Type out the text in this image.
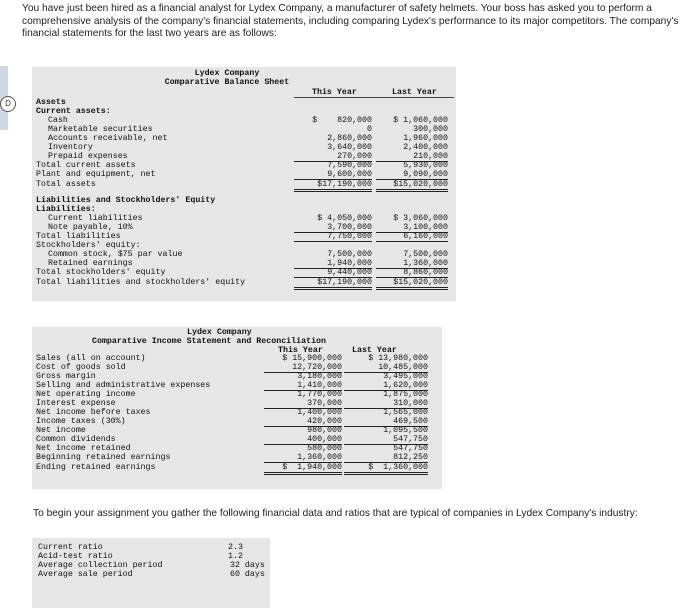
You have just been hired as a financial analyst for Lydex Company, a manufacturer of safety helmets. Your boss has asked you to perform a comprehensive analysis of the company's financial statements, including comparing Lydex's performance to its major competitors. The company's financial statements for the last two years are as follows:
D
Lydex Company
Comparative Balance Sheet
This Year	Last Year
Assets
Current assets:
Cash	$    820,000	$ 1,060,000
Marketable securities	0	300,000
Accounts receivable, net	2,860,000	1,960,000
Inventory	3,640,000	2,400,000
Prepaid expenses	270,000	210,000
Total current assets	7,590,000	5,930,000
Plant and equipment, net	9,600,000	9,090,000
Total assets	$17,190,000	$15,020,000
Liabilities and Stockholders' Equity
Liabilities:
Current liabilities	$ 4,050,000	$ 3,060,000
Note payable, 10%	3,700,000	3,100,000
Total liabilities	7,750,000	6,160,000
Stockholders' equity:
Common stock, $75 par value	7,500,000	7,500,000
Retained earnings	1,940,000	1,360,000
Total stockholders' equity	9,440,000	8,860,000
Total liabilities and stockholders' equity	$17,190,000	$15,020,000
Lydex Company
Comparative Income Statement and Reconciliation
This Year	Last Year
Sales (all on account)	$ 15,900,000	$ 13,980,000
Cost of goods sold	12,720,000	10,485,000
Gross margin	3,180,000	3,495,000
Selling and administrative expenses	1,410,000	1,620,000
Net operating income	1,770,000	1,875,000
Interest expense	370,000	310,000
Net income before taxes	1,400,000	1,565,000
Income taxes (30%)	420,000	469,500
Net income	980,000	1,095,500
Common dividends	400,000	547,750
Net income retained	580,000	547,750
Beginning retained earnings	1,360,000	812,250
Ending retained earnings	$  1,940,000	$  1,360,000
To begin your assignment you gather the following financial data and ratios that are typical of companies in Lydex Company's industry:
Current ratio	2.3
Acid-test ratio	1.2
Average collection period	32 days
Average sale period	60 days
